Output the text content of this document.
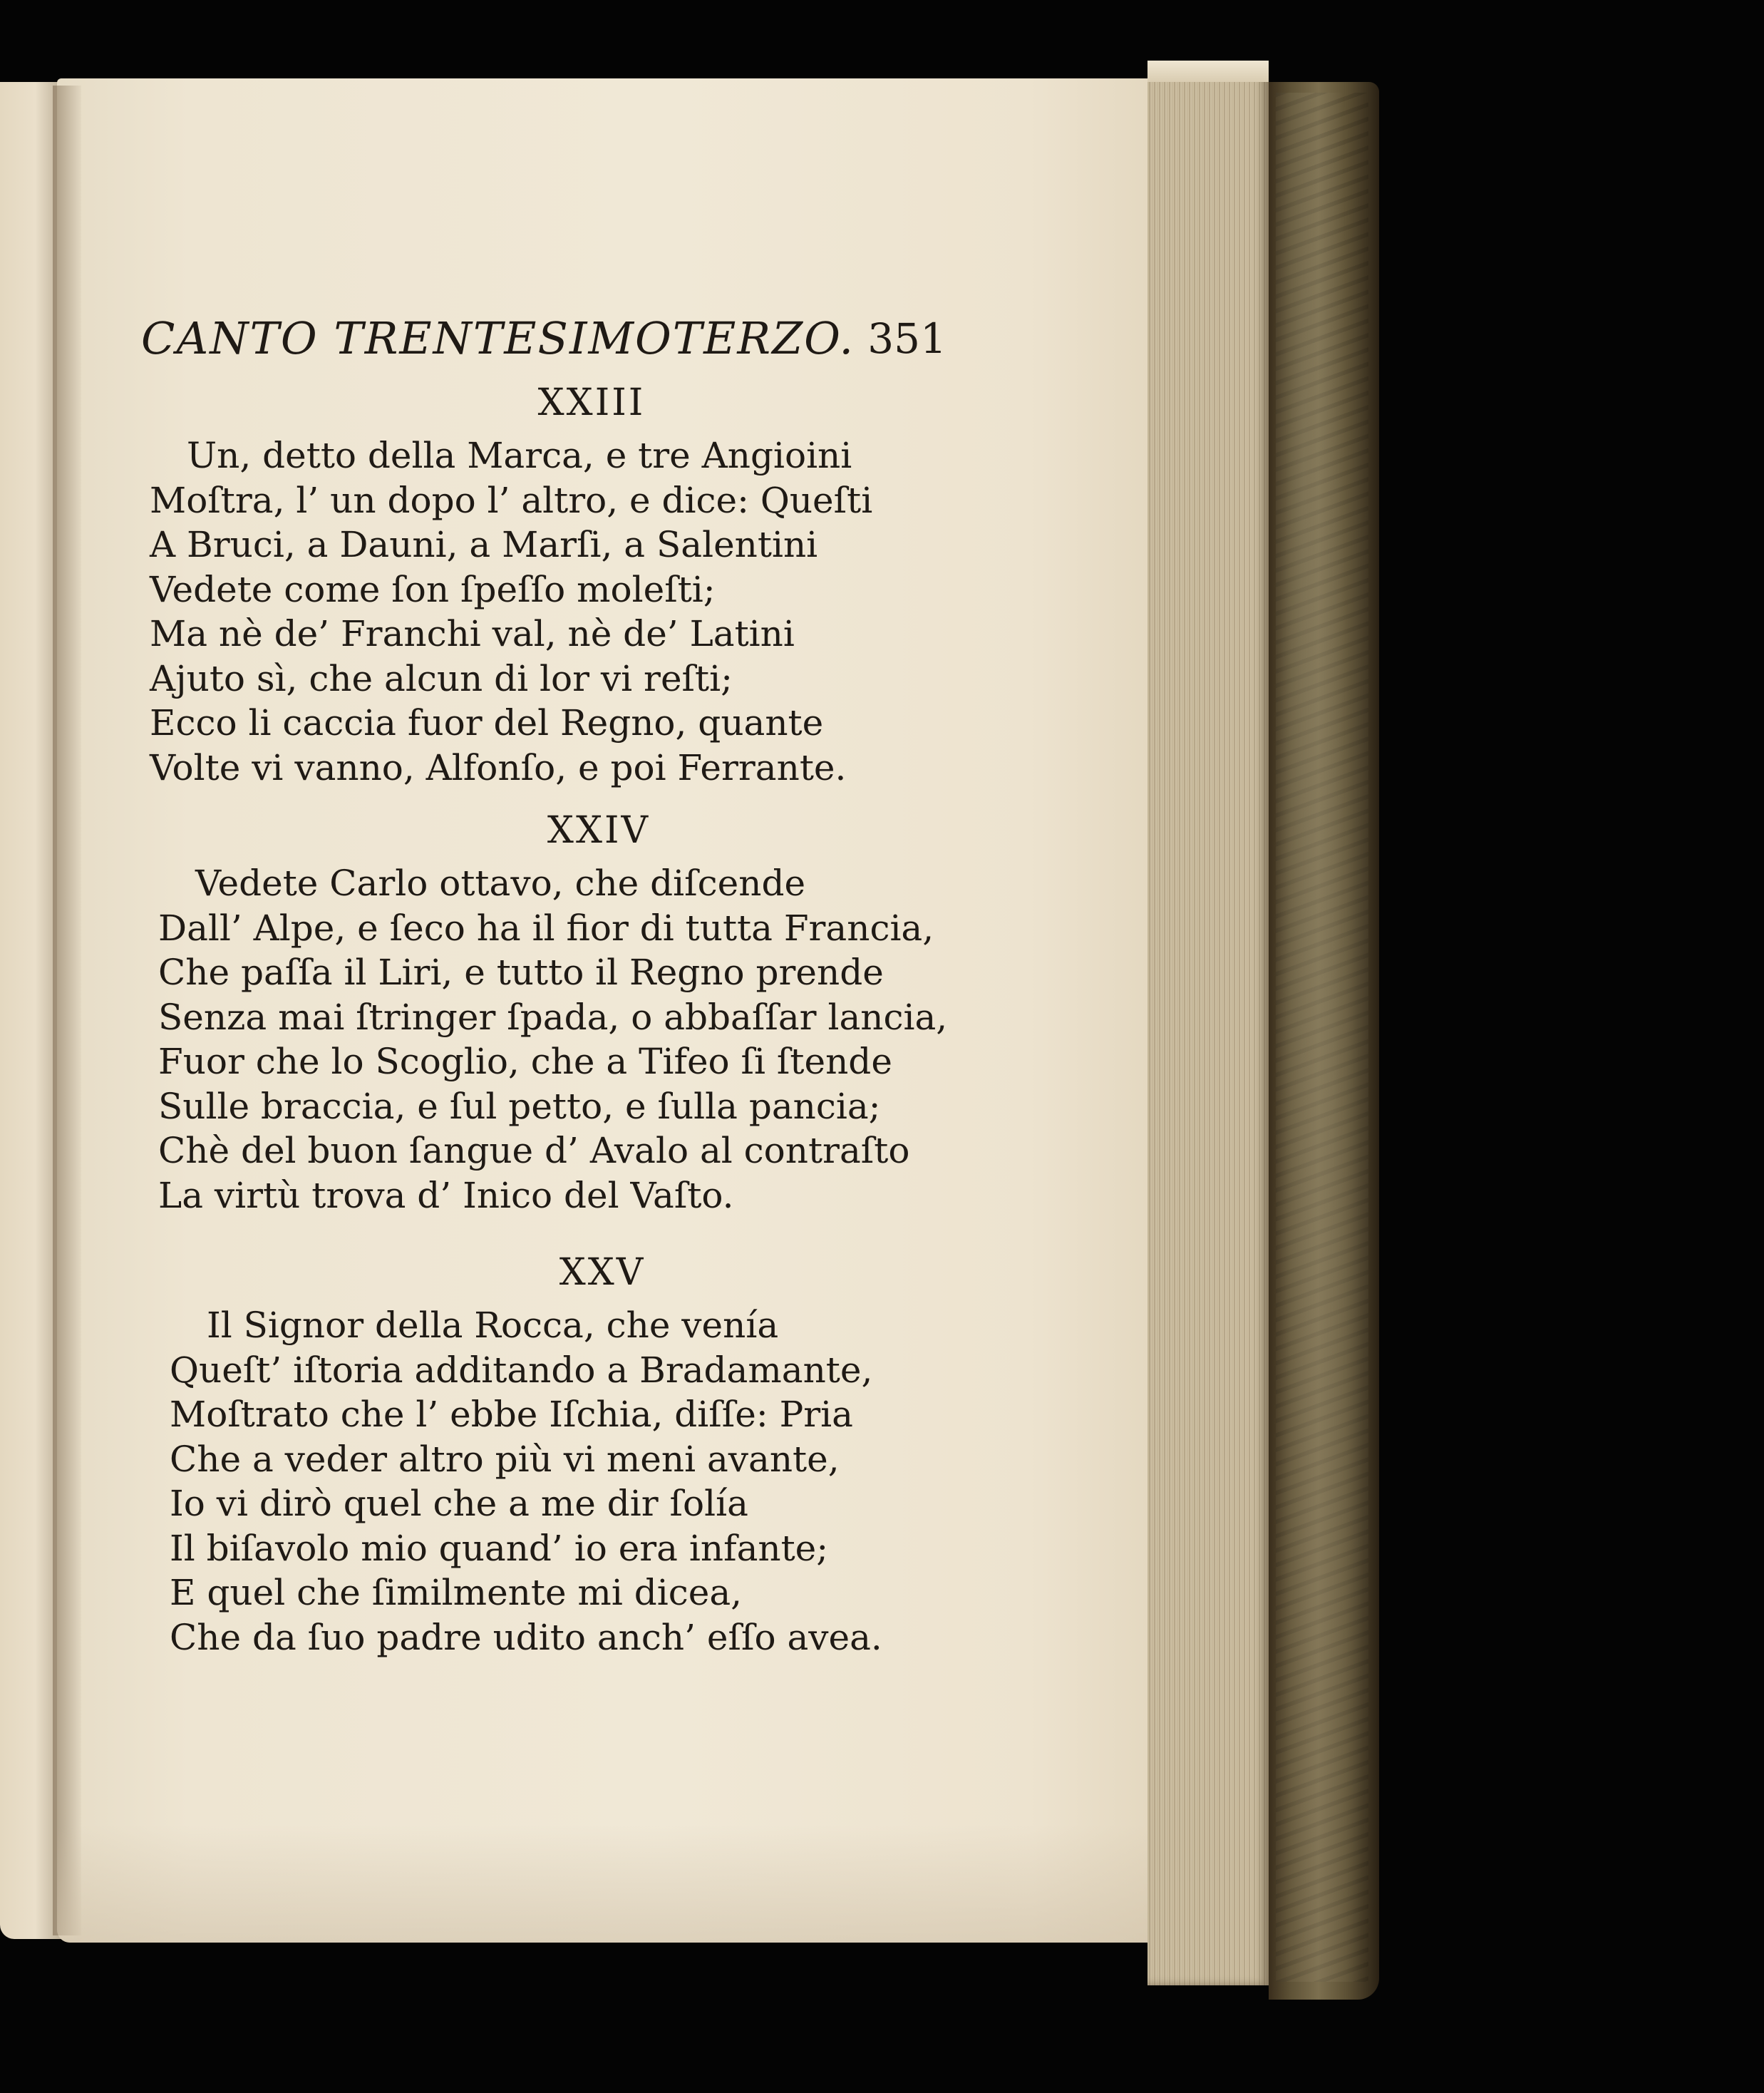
CANTO TRENTESIMOTERZO. 351
XXIII
Un, detto della Marca, e tre Angioini
Moſtra, l’ un dopo l’ altro, e dice: Queſti
A Bruci, a Dauni, a Marſi, a Salentini
Vedete come ſon ſpeſſo moleſti;
Ma nè de’ Franchi val, nè de’ Latini
Ajuto sì, che alcun di lor vi reſti;
Ecco li caccia fuor del Regno, quante
Volte vi vanno, Alfonſo, e poi Ferrante.
XXIV
Vedete Carlo ottavo, che diſcende
Dall’ Alpe, e ſeco ha il fior di tutta Francia,
Che paſſa il Liri, e tutto il Regno prende
Senza mai ſtringer ſpada, o abbaſſar lancia,
Fuor che lo Scoglio, che a Tifeo ſi ſtende
Sulle braccia, e ſul petto, e ſulla pancia;
Chè del buon ſangue d’ Avalo al contraſto
La virtù trova d’ Inico del Vaſto.
XXV
Il Signor della Rocca, che venía
Queſt’ iſtoria additando a Bradamante,
Moſtrato che l’ ebbe Iſchia, diſſe: Pria
Che a veder altro più vi meni avante,
Io vi dirò quel che a me dir ſolía
Il biſavolo mio quand’ io era infante;
E quel che ſimilmente mi dicea,
Che da ſuo padre udito anch’ eſſo avea.
